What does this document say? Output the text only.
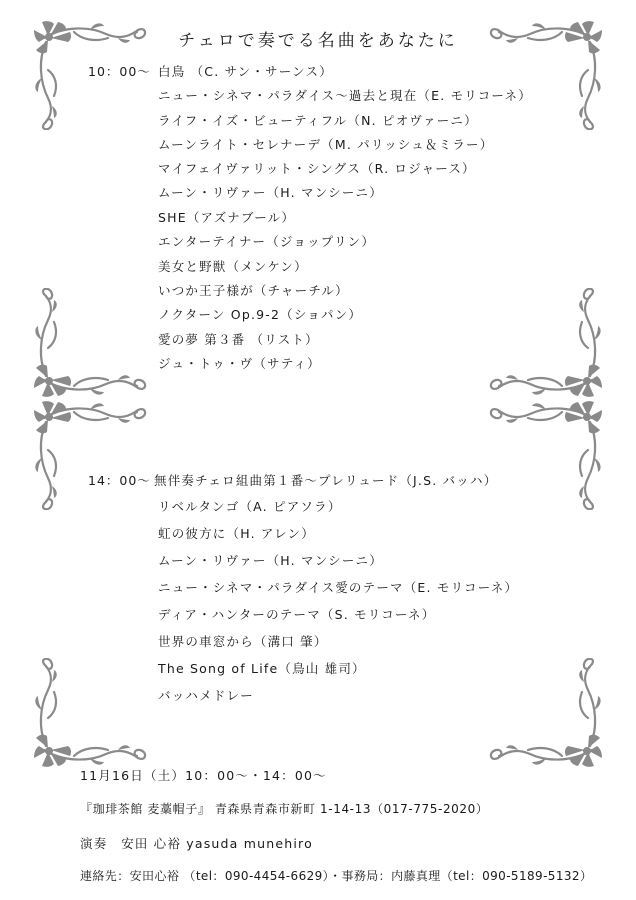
チェロで奏でる名曲をあなたに
10：00～ 白鳥 （C. サン・サーンス）
ニュー・シネマ・パラダイス～過去と現在（E. モリコーネ）
ライフ・イズ・ビューティフル（N. ピオヴァーニ）
ムーンライト・セレナーデ（M. パリッシュ＆ミラー）
マイフェイヴァリット・シングス（R. ロジャース）
ムーン・リヴァー（H. マンシーニ）
SHE（アズナブール）
エンターテイナー（ジョップリン）
美女と野獣（メンケン）
いつか王子様が（チャーチル）
ノクターン Op.9-2（ショパン）
愛の夢 第３番 （リスト）
ジュ・トゥ・ヴ（サティ）
14：00～ 無伴奏チェロ組曲第１番～プレリュード（J.S. バッハ）
リベルタンゴ（A. ピアソラ）
虹の彼方に（H. アレン）
ムーン・リヴァー（H. マンシーニ）
ニュー・シネマ・パラダイス愛のテーマ（E. モリコーネ）
ディア・ハンターのテーマ（S. モリコーネ）
世界の車窓から（溝口 肇）
The Song of Life（鳥山 雄司）
バッハメドレー
11月16日（土）10：00～・14：00～
『珈琲茶館 麦藁帽子』 青森県青森市新町 1-14-13（017-775-2020）
演奏　安田 心裕 yasuda munehiro
連絡先：安田心裕 （tel：090-4454-6629）・事務局：内藤真理（tel：090-5189-5132）
